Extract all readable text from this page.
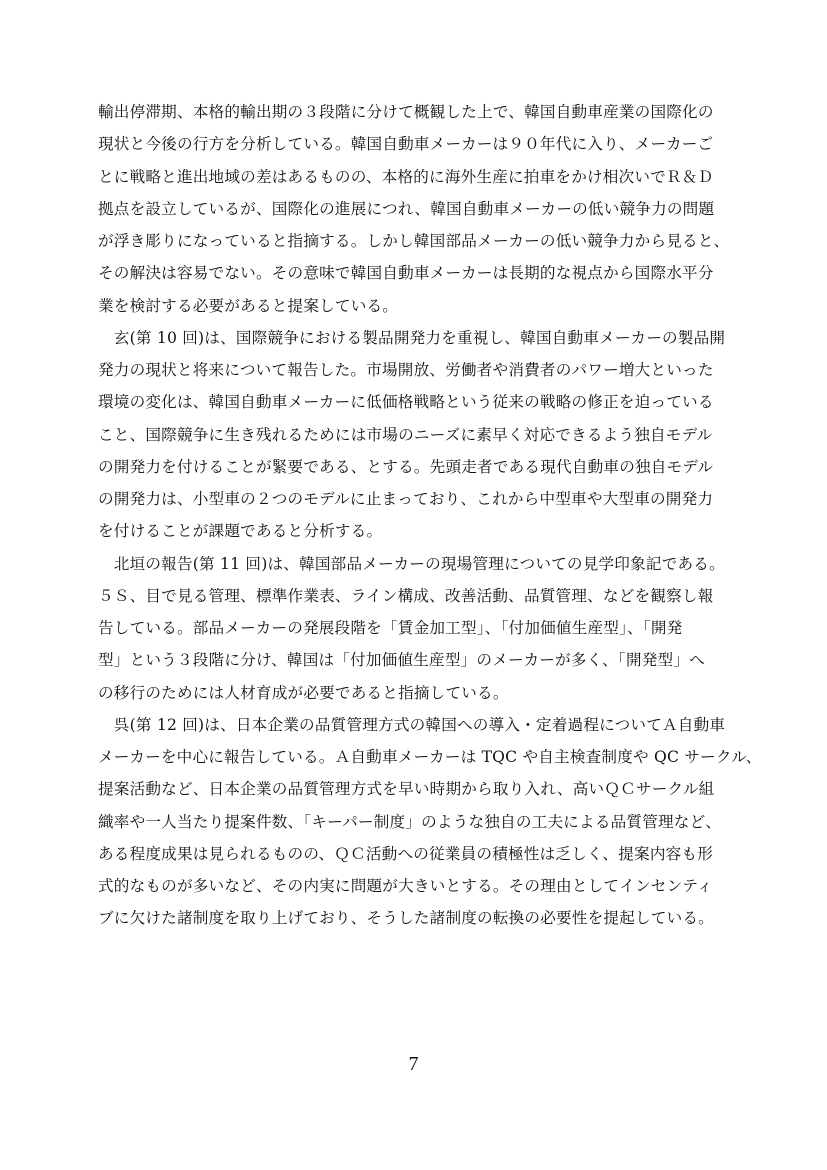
輸出停滞期、本格的輸出期の３段階に分けて概観した上で、韓国自動車産業の国際化の
現状と今後の行方を分析している。韓国自動車メーカーは９０年代に入り、メーカーご
とに戦略と進出地域の差はあるものの、本格的に海外生産に拍車をかけ相次いでＲ＆Ｄ
拠点を設立しているが、国際化の進展につれ、韓国自動車メーカーの低い競争力の問題
が浮き彫りになっていると指摘する。しかし韓国部品メーカーの低い競争力から見ると、
その解決は容易でない。その意味で韓国自動車メーカーは長期的な視点から国際水平分
業を検討する必要があると提案している。
　玄(第 10 回)は、国際競争における製品開発力を重視し、韓国自動車メーカーの製品開
発力の現状と将来について報告した。市場開放、労働者や消費者のパワー増大といった
環境の変化は、韓国自動車メーカーに低価格戦略という従来の戦略の修正を迫っている
こと、国際競争に生き残れるためには市場のニーズに素早く対応できるよう独自モデル
の開発力を付けることが緊要である、とする。先頭走者である現代自動車の独自モデル
の開発力は、小型車の２つのモデルに止まっており、これから中型車や大型車の開発力
を付けることが課題であると分析する。
　北垣の報告(第 11 回)は、韓国部品メーカーの現場管理についての見学印象記である。
５Ｓ、目で見る管理、標準作業表、ライン構成、改善活動、品質管理、などを観察し報
告している。部品メーカーの発展段階を「賃金加工型」、「付加価値生産型」、「開発
型」という３段階に分け、韓国は「付加価値生産型」のメーカーが多く、「開発型」へ
の移行のためには人材育成が必要であると指摘している。
　呉(第 12 回)は、日本企業の品質管理方式の韓国への導入・定着過程についてＡ自動車
メーカーを中心に報告している。Ａ自動車メーカーは TQC や自主検査制度や QC サークル、
提案活動など、日本企業の品質管理方式を早い時期から取り入れ、高いＱＣサークル組
織率や一人当たり提案件数、「キーパー制度」のような独自の工夫による品質管理など、
ある程度成果は見られるものの、ＱＣ活動への従業員の積極性は乏しく、提案内容も形
式的なものが多いなど、その内実に問題が大きいとする。その理由としてインセンティ
ブに欠けた諸制度を取り上げており、そうした諸制度の転換の必要性を提起している。
7
